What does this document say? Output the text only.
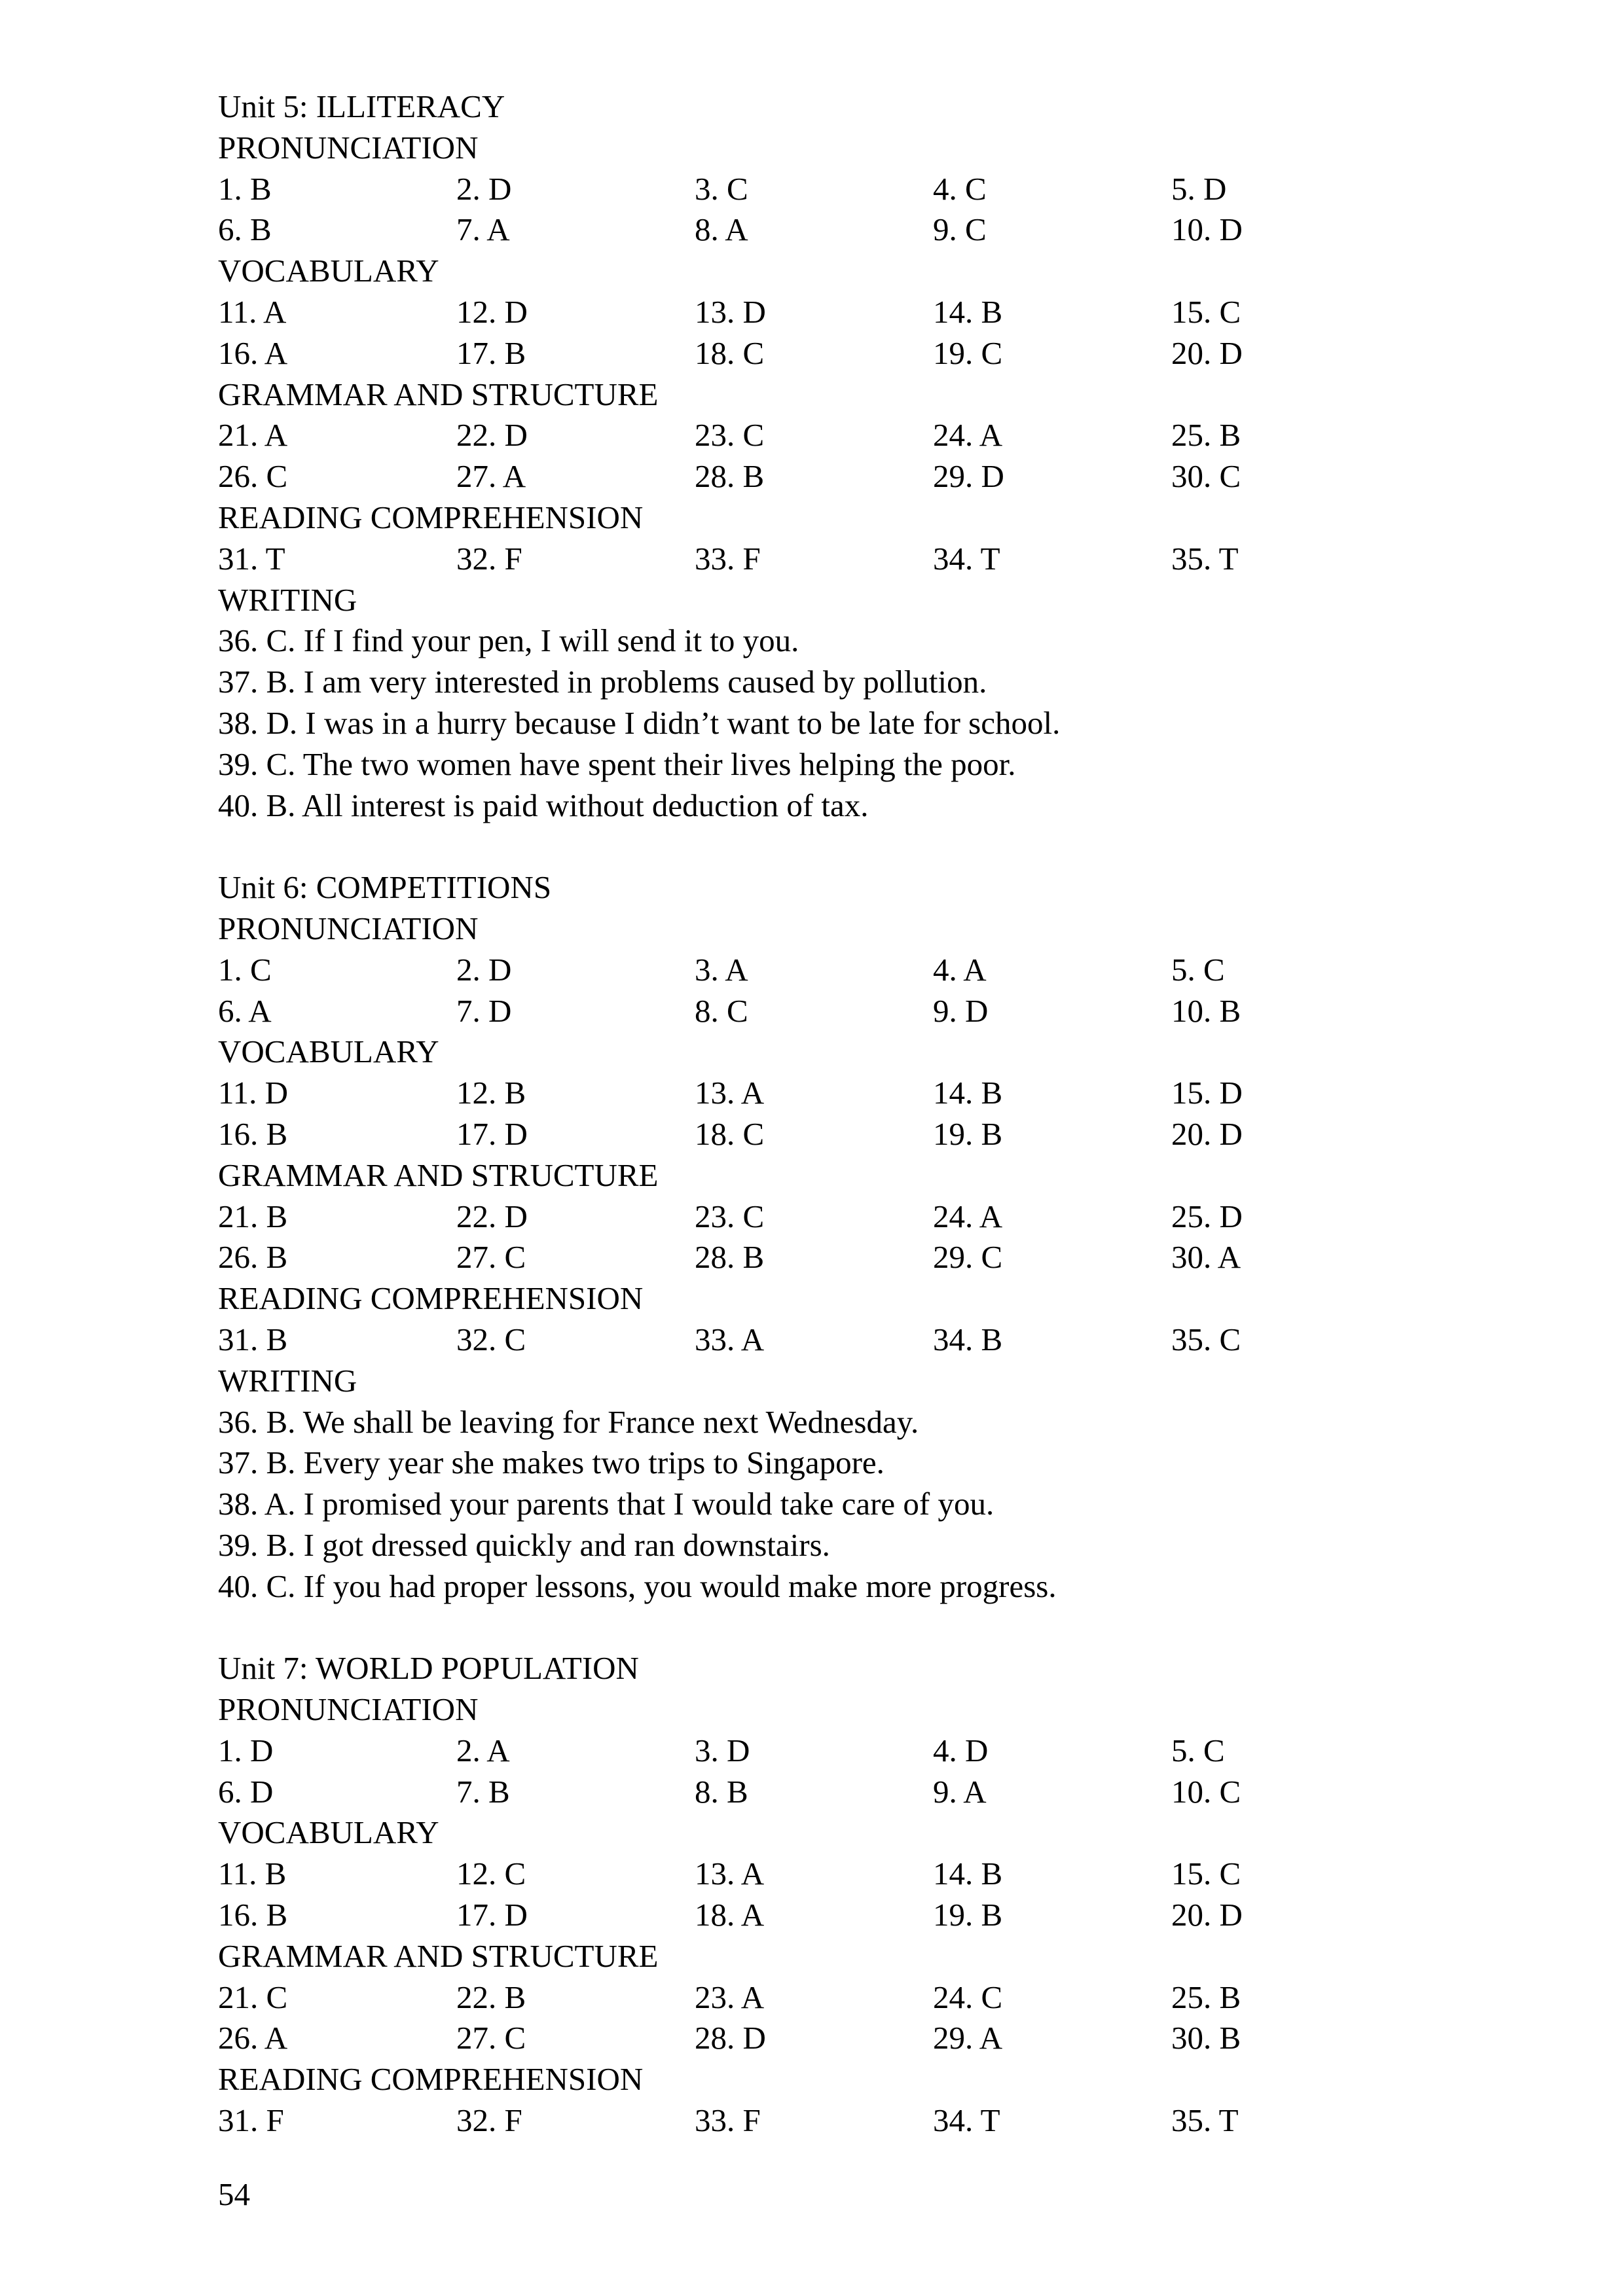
Unit 5: ILLITERACY
PRONUNCIATION
1. B	2. D	3. C	4. C	5. D
6. B	7. A	8. A	9. C	10. D
VOCABULARY
11. A	12. D	13. D	14. B	15. C
16. A	17. B	18. C	19. C	20. D
GRAMMAR AND STRUCTURE
21. A	22. D	23. C	24. A	25. B
26. C	27. A	28. B	29. D	30. C
READING COMPREHENSION
31. T	32. F	33. F	34. T	35. T
WRITING
36. C. If I find your pen, I will send it to you.
37. B. I am very interested in problems caused by pollution.
38. D. I was in a hurry because I didn’t want to be late for school.
39. C. The two women have spent their lives helping the poor.
40. B. All interest is paid without deduction of tax.
Unit 6: COMPETITIONS
PRONUNCIATION
1. C	2. D	3. A	4. A	5. C
6. A	7. D	8. C	9. D	10. B
VOCABULARY
11. D	12. B	13. A	14. B	15. D
16. B	17. D	18. C	19. B	20. D
GRAMMAR AND STRUCTURE
21. B	22. D	23. C	24. A	25. D
26. B	27. C	28. B	29. C	30. A
READING COMPREHENSION
31. B	32. C	33. A	34. B	35. C
WRITING
36. B. We shall be leaving for France next Wednesday.
37. B. Every year she makes two trips to Singapore.
38. A. I promised your parents that I would take care of you.
39. B. I got dressed quickly and ran downstairs.
40. C. If you had proper lessons, you would make more progress.
Unit 7: WORLD POPULATION
PRONUNCIATION
1. D	2. A	3. D	4. D	5. C
6. D	7. B	8. B	9. A	10. C
VOCABULARY
11. B	12. C	13. A	14. B	15. C
16. B	17. D	18. A	19. B	20. D
GRAMMAR AND STRUCTURE
21. C	22. B	23. A	24. C	25. B
26. A	27. C	28. D	29. A	30. B
READING COMPREHENSION
31. F	32. F	33. F	34. T	35. T
54
